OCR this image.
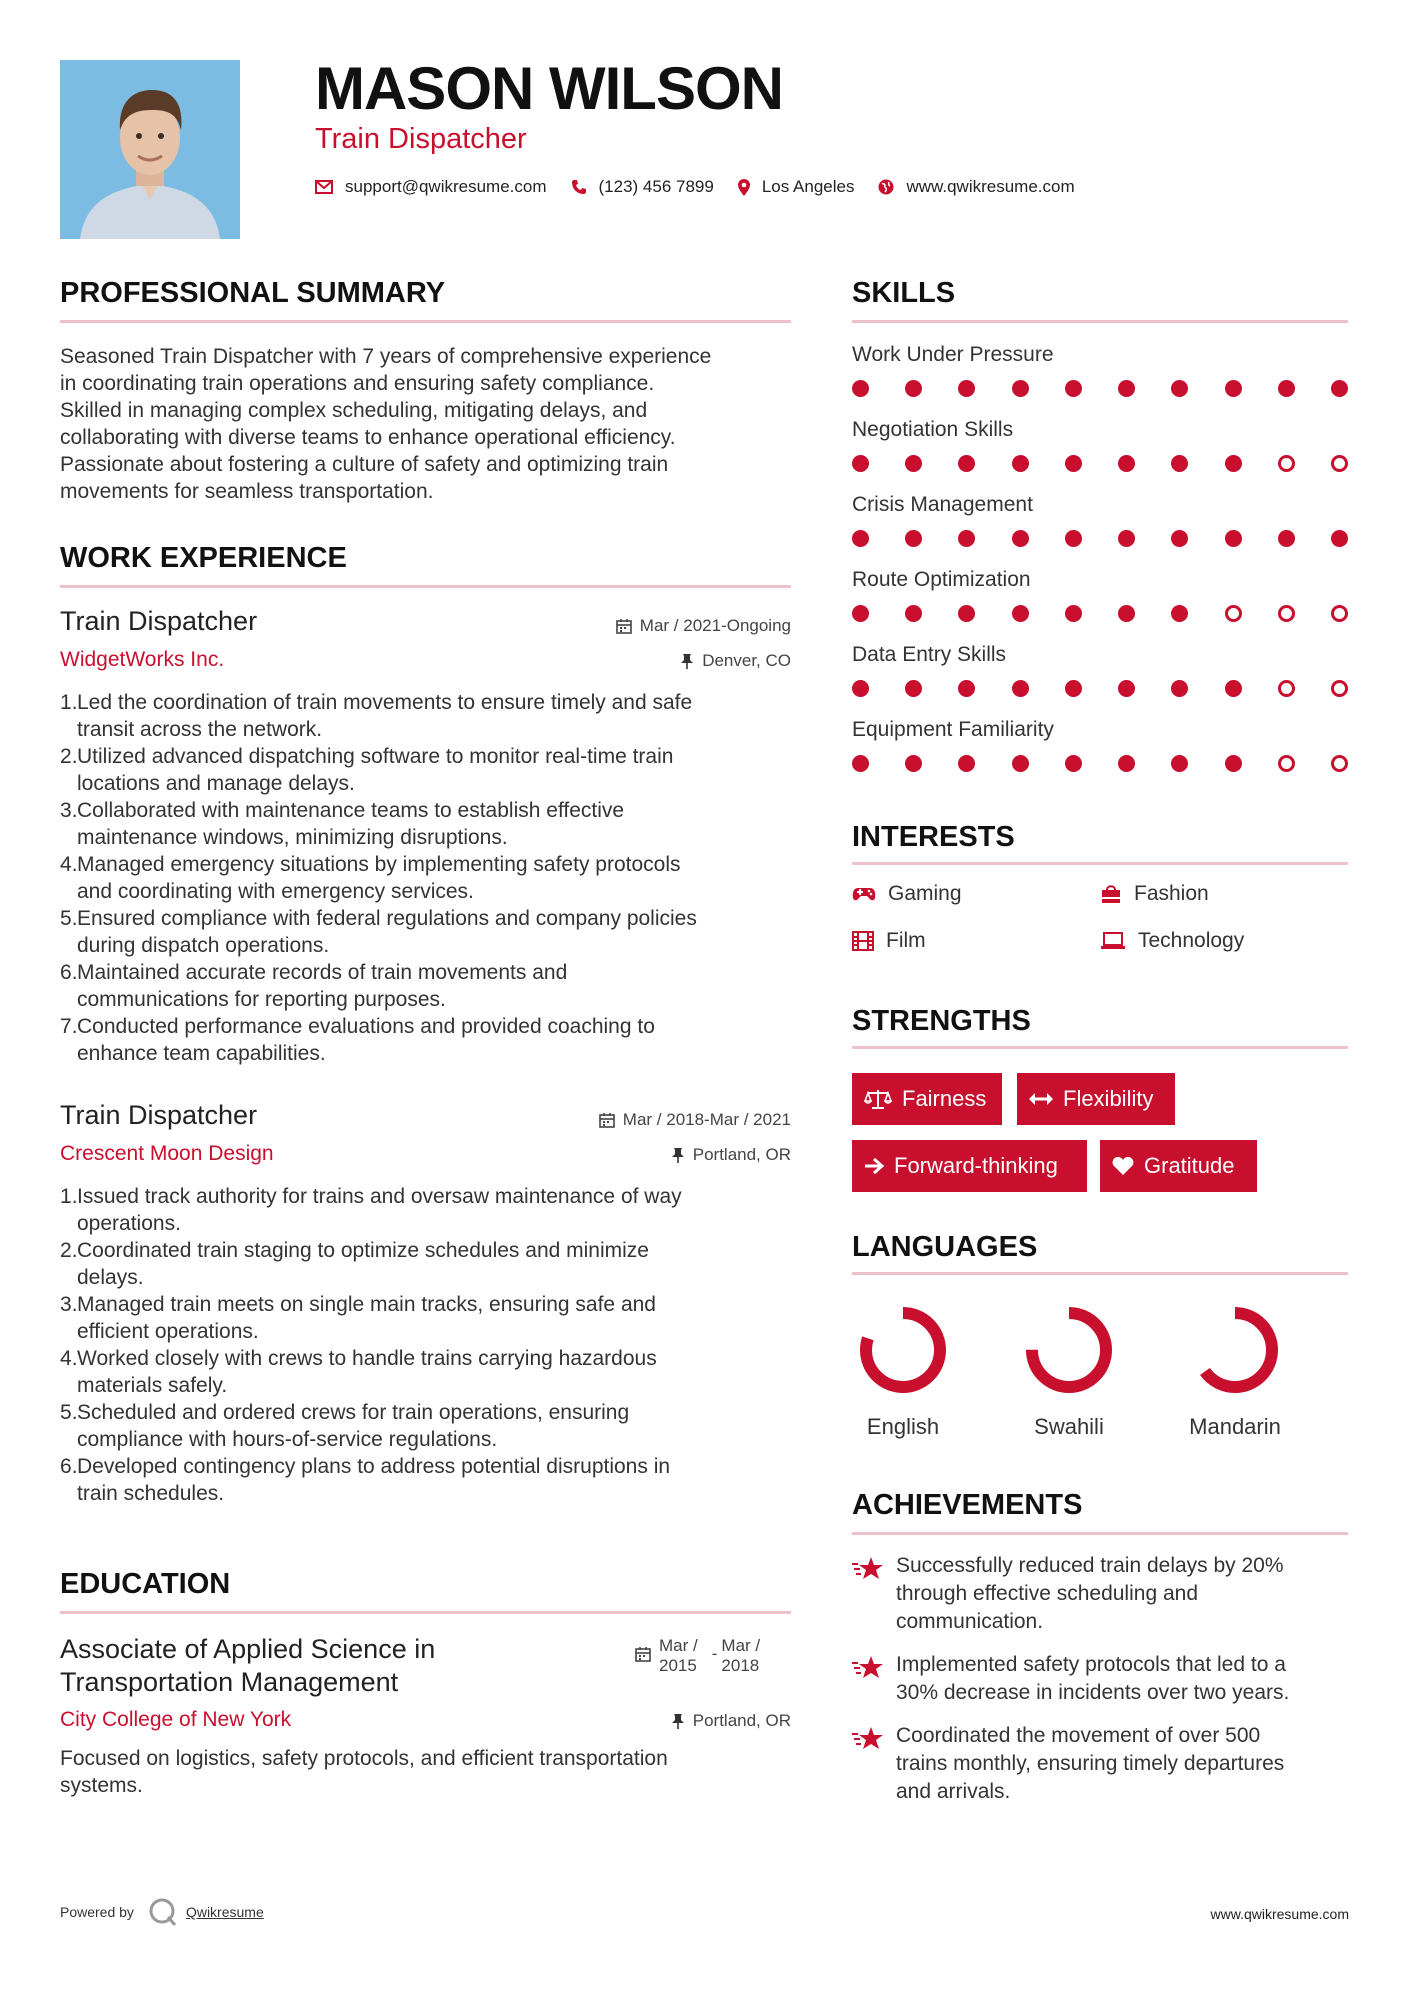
MASON WILSON
Train Dispatcher
support@qwikresume.com	(123) 456 7899	Los Angeles	www.qwikresume.com
PROFESSIONAL SUMMARY
Seasoned Train Dispatcher with 7 years of comprehensive experience
in coordinating train operations and ensuring safety compliance.
Skilled in managing complex scheduling, mitigating delays, and
collaborating with diverse teams to enhance operational efficiency.
Passionate about fostering a culture of safety and optimizing train
movements for seamless transportation.
WORK EXPERIENCE
Train Dispatcher
WidgetWorks Inc.
Mar / 2021-Ongoing
Denver, CO
Led the coordination of train movements to ensure timely and safe
transit across the network.
Utilized advanced dispatching software to monitor real-time train
locations and manage delays.
Collaborated with maintenance teams to establish effective
maintenance windows, minimizing disruptions.
Managed emergency situations by implementing safety protocols
and coordinating with emergency services.
Ensured compliance with federal regulations and company policies
during dispatch operations.
Maintained accurate records of train movements and
communications for reporting purposes.
Conducted performance evaluations and provided coaching to
enhance team capabilities.
Train Dispatcher
Crescent Moon Design
Mar / 2018-Mar / 2021
Portland, OR
Issued track authority for trains and oversaw maintenance of way
operations.
Coordinated train staging to optimize schedules and minimize
delays.
Managed train meets on single main tracks, ensuring safe and
efficient operations.
Worked closely with crews to handle trains carrying hazardous
materials safely.
Scheduled and ordered crews for train operations, ensuring
compliance with hours-of-service regulations.
Developed contingency plans to address potential disruptions in
train schedules.
EDUCATION
Associate of Applied Science in
Transportation Management
City College of New York
Mar /
2015
- Mar /
2018
Portland, OR
Focused on logistics, safety protocols, and efficient transportation
systems.
SKILLS
Work Under Pressure
Negotiation Skills
Crisis Management
Route Optimization
Data Entry Skills
Equipment Familiarity
INTERESTS
Gaming	Fashion
Film	Technology
STRENGTHS
Fairness	Flexibility
Forward-thinking	Gratitude
LANGUAGES
English	Swahili	Mandarin
ACHIEVEMENTS
Successfully reduced train delays by 20%
through effective scheduling and
communication.
Implemented safety protocols that led to a
30% decrease in incidents over two years.
Coordinated the movement of over 500
trains monthly, ensuring timely departures
and arrivals.
Powered by	Qwikresume	www.qwikresume.com
